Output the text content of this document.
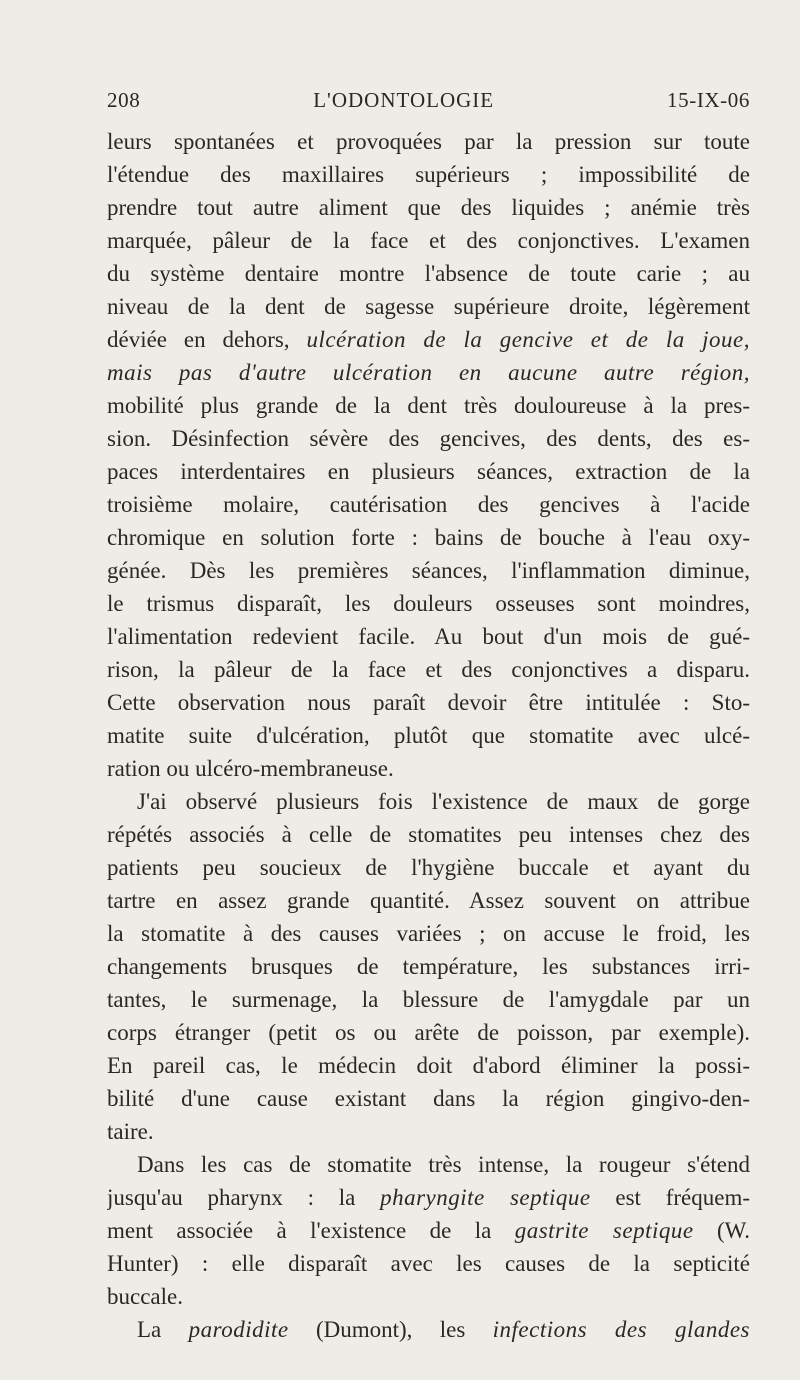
208	L'ODONTOLOGIE	15-IX-06
leurs spontanées et provoquées par la pression sur toute
l'étendue des maxillaires supérieurs ; impossibilité de
prendre tout autre aliment que des liquides ; anémie très
marquée, pâleur de la face et des conjonctives. L'examen
du système dentaire montre l'absence de toute carie ; au
niveau de la dent de sagesse supérieure droite, légèrement
déviée en dehors, ulcération de la gencive et de la joue,
mais pas d'autre ulcération en aucune autre région,
mobilité plus grande de la dent très douloureuse à la pres-
sion. Désinfection sévère des gencives, des dents, des es-
paces interdentaires en plusieurs séances, extraction de la
troisième molaire, cautérisation des gencives à l'acide
chromique en solution forte : bains de bouche à l'eau oxy-
génée. Dès les premières séances, l'inflammation diminue,
le trismus disparaît, les douleurs osseuses sont moindres,
l'alimentation redevient facile. Au bout d'un mois de gué-
rison, la pâleur de la face et des conjonctives a disparu.
Cette observation nous paraît devoir être intitulée : Sto-
matite suite d'ulcération, plutôt que stomatite avec ulcé-
ration ou ulcéro-membraneuse.
J'ai observé plusieurs fois l'existence de maux de gorge
répétés associés à celle de stomatites peu intenses chez des
patients peu soucieux de l'hygiène buccale et ayant du
tartre en assez grande quantité. Assez souvent on attribue
la stomatite à des causes variées ; on accuse le froid, les
changements brusques de température, les substances irri-
tantes, le surmenage, la blessure de l'amygdale par un
corps étranger (petit os ou arête de poisson, par exemple).
En pareil cas, le médecin doit d'abord éliminer la possi-
bilité d'une cause existant dans la région gingivo-den-
taire.
Dans les cas de stomatite très intense, la rougeur s'étend
jusqu'au pharynx : la pharyngite septique est fréquem-
ment associée à l'existence de la gastrite septique (W.
Hunter) : elle disparaît avec les causes de la septicité
buccale.
La parodidite (Dumont), les infections des glandes
